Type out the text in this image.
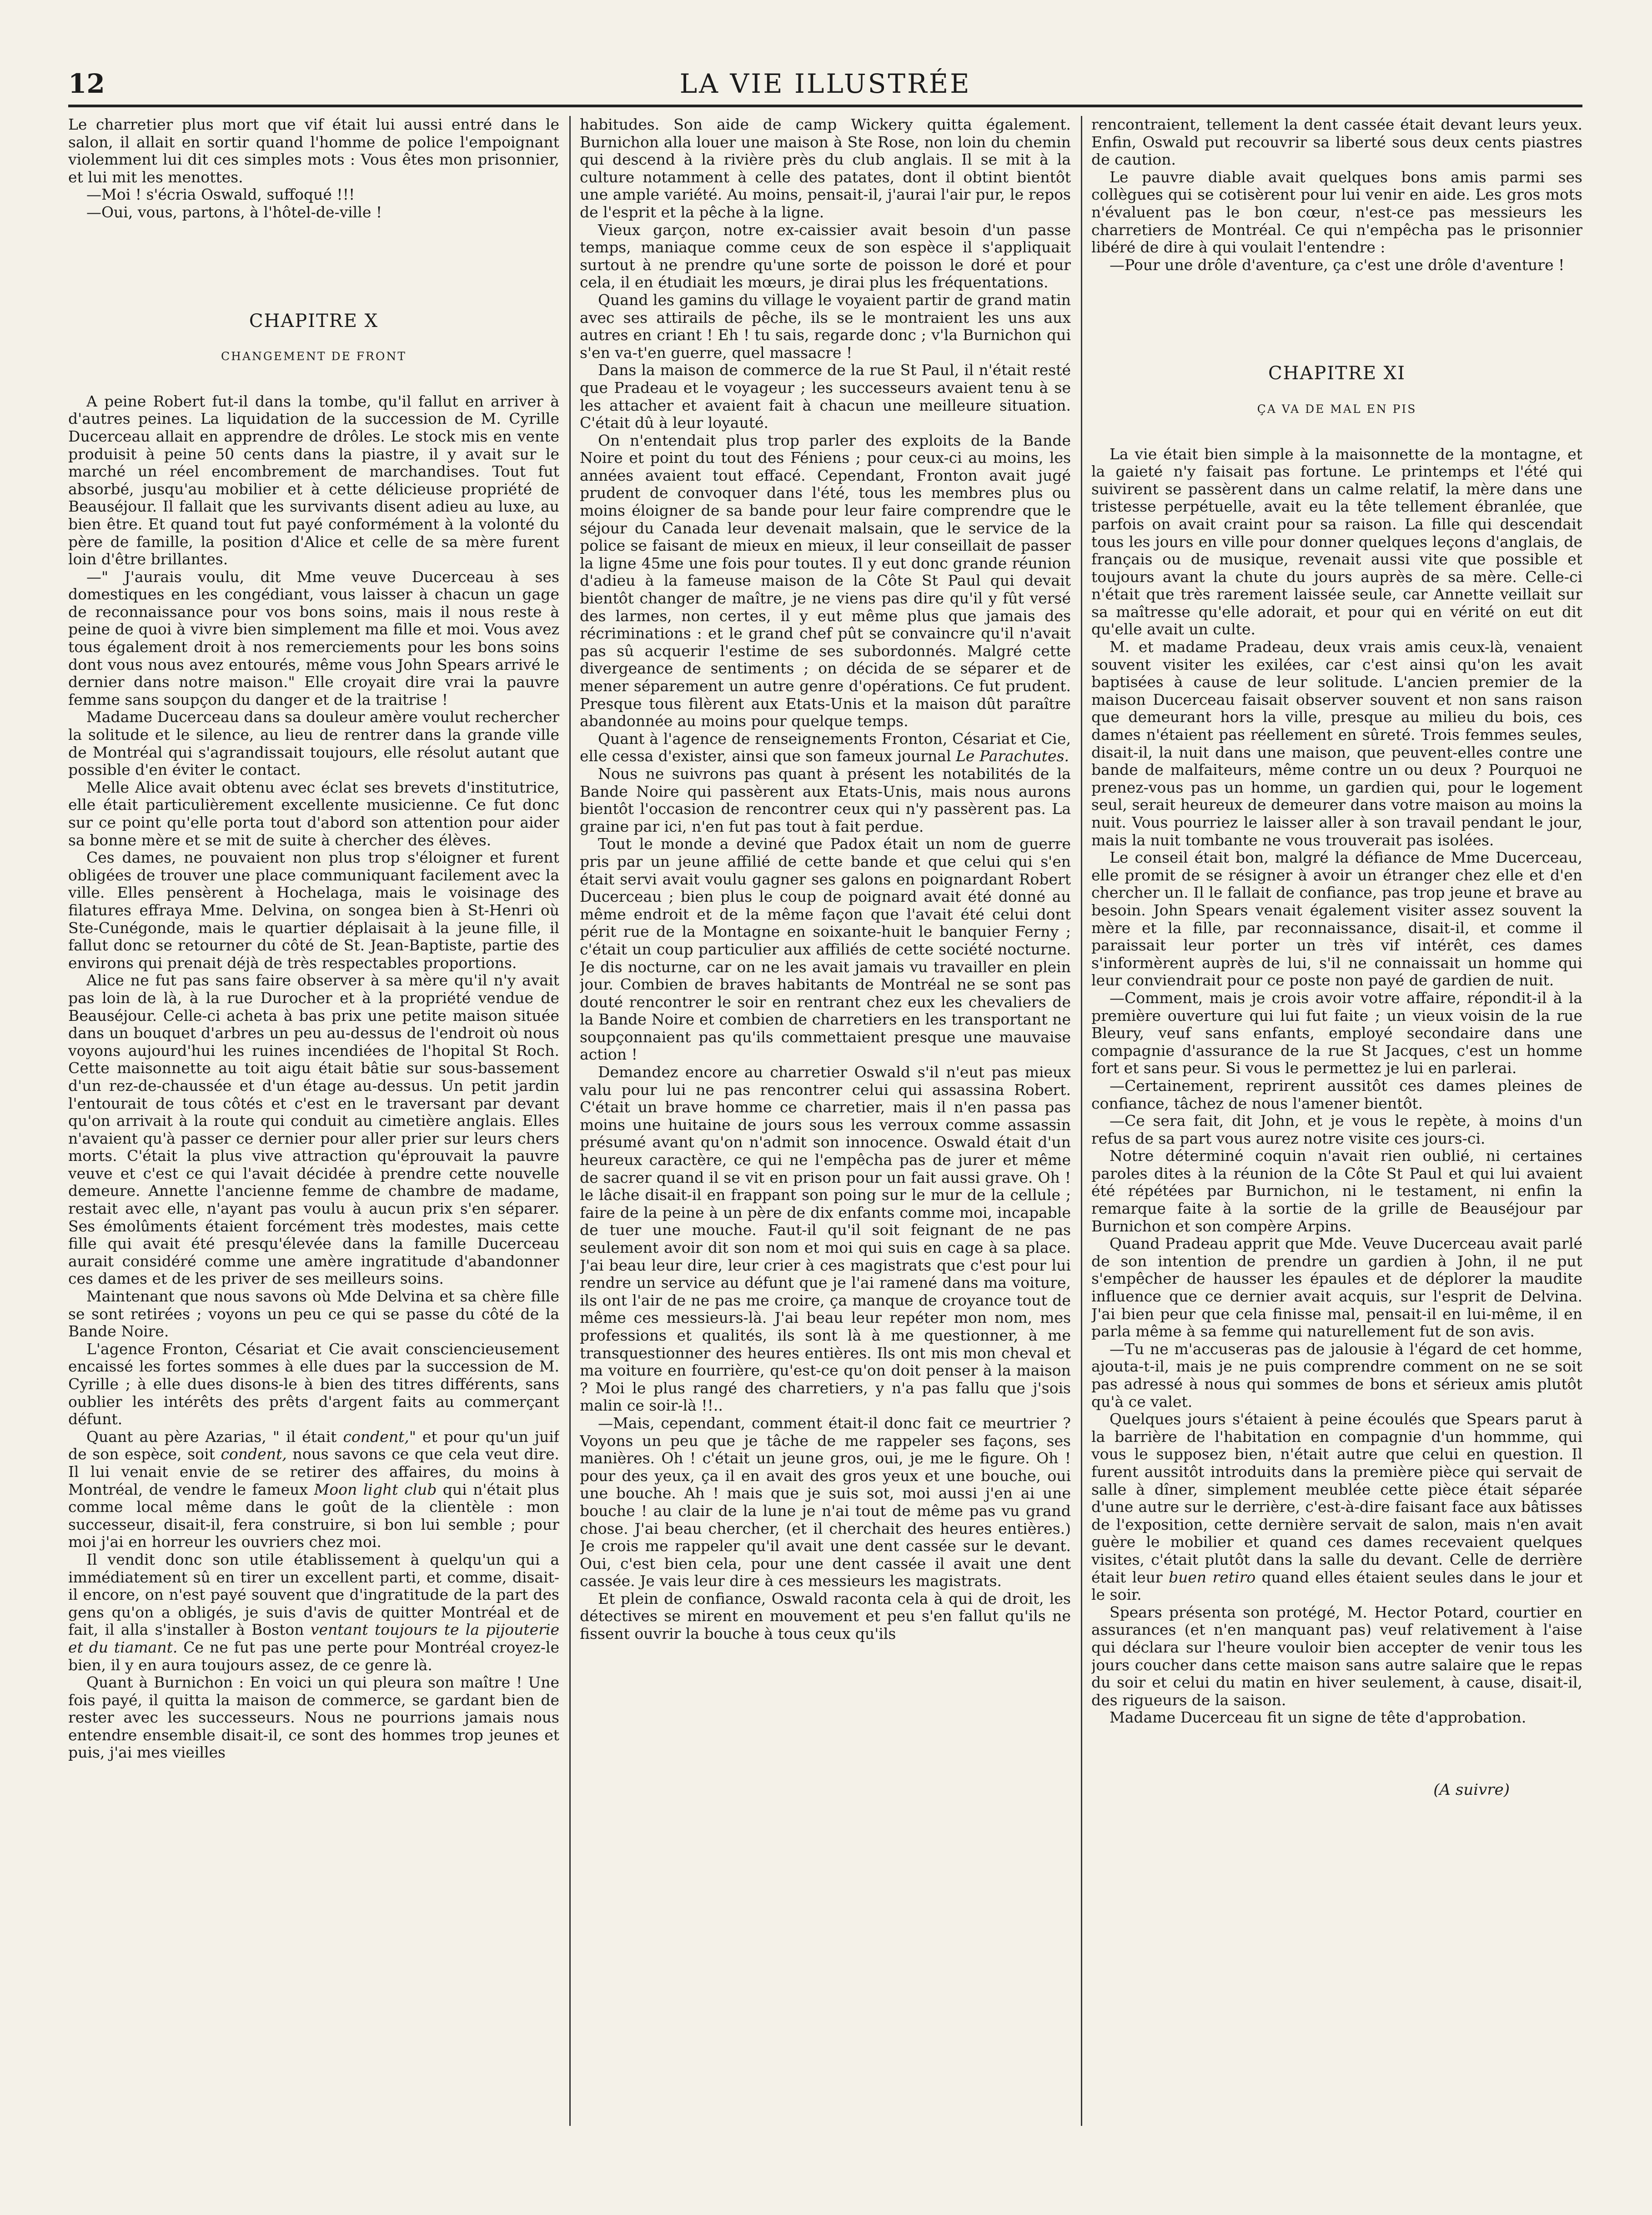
12	LA VIE ILLUSTRÉE

Le charretier plus mort que vif était lui aussi entré dans le salon, il allait en sortir quand l'homme de police l'empoignant violemment lui dit ces simples mots : Vous êtes mon prisonnier, et lui mit les menottes.

—Moi ! s'écria Oswald, suffoqué !!!

—Oui, vous, partons, à l'hôtel-de-ville !

CHAPITRE X
CHANGEMENT DE FRONT

A peine Robert fut-il dans la tombe, qu'il fallut en arriver à d'autres peines. La liquidation de la succession de M. Cyrille Ducerceau allait en apprendre de drôles. Le stock mis en vente produisit à peine 50 cents dans la piastre, il y avait sur le marché un réel encombrement de marchandises. Tout fut absorbé, jusqu'au mobilier et à cette délicieuse propriété de Beauséjour. Il fallait que les survivants disent adieu au luxe, au bien être. Et quand tout fut payé conformément à la volonté du père de famille, la position d'Alice et celle de sa mère furent loin d'être brillantes.

—" J'aurais voulu, dit Mme veuve Ducerceau à ses domestiques en les congédiant, vous laisser à chacun un gage de reconnaissance pour vos bons soins, mais il nous reste à peine de quoi à vivre bien simplement ma fille et moi. Vous avez tous également droit à nos remerciements pour les bons soins dont vous nous avez entourés, même vous John Spears arrivé le dernier dans notre maison." Elle croyait dire vrai la pauvre femme sans soupçon du danger et de la traitrise !

Madame Ducerceau dans sa douleur amère voulut rechercher la solitude et le silence, au lieu de rentrer dans la grande ville de Montréal qui s'agrandissait toujours, elle résolut autant que possible d'en éviter le contact.

Melle Alice avait obtenu avec éclat ses brevets d'institutrice, elle était particulièrement excellente musicienne. Ce fut donc sur ce point qu'elle porta tout d'abord son attention pour aider sa bonne mère et se mit de suite à chercher des élèves.

Ces dames, ne pouvaient non plus trop s'éloigner et furent obligées de trouver une place communiquant facilement avec la ville. Elles pensèrent à Hochelaga, mais le voisinage des filatures effraya Mme. Delvina, on songea bien à St-Henri où Ste-Cunégonde, mais le quartier déplaisait à la jeune fille, il fallut donc se retourner du côté de St. Jean-Baptiste, partie des environs qui prenait déjà de très respectables proportions.

Alice ne fut pas sans faire observer à sa mère qu'il n'y avait pas loin de là, à la rue Durocher et à la propriété vendue de Beauséjour. Celle-ci acheta à bas prix une petite maison située dans un bouquet d'arbres un peu au-dessus de l'endroit où nous voyons aujourd'hui les ruines incendiées de l'hopital St Roch. Cette maisonnette au toit aigu était bâtie sur sous-bassement d'un rez-de-chaussée et d'un étage au-dessus. Un petit jardin l'entourait de tous côtés et c'est en le traversant par devant qu'on arrivait à la route qui conduit au cimetière anglais. Elles n'avaient qu'à passer ce dernier pour aller prier sur leurs chers morts. C'était la plus vive attraction qu'éprouvait la pauvre veuve et c'est ce qui l'avait décidée à prendre cette nouvelle demeure. Annette l'ancienne femme de chambre de madame, restait avec elle, n'ayant pas voulu à aucun prix s'en séparer. Ses émolûments étaient forcément très modestes, mais cette fille qui avait été presqu'élevée dans la famille Ducerceau aurait considéré comme une amère ingratitude d'abandonner ces dames et de les priver de ses meilleurs soins.

Maintenant que nous savons où Mde Delvina et sa chère fille se sont retirées ; voyons un peu ce qui se passe du côté de la Bande Noire.

L'agence Fronton, Césariat et Cie avait consciencieusement encaissé les fortes sommes à elle dues par la succession de M. Cyrille ; à elle dues disons-le à bien des titres différents, sans oublier les intérêts des prêts d'argent faits au commerçant défunt.

Quant au père Azarias, " il était condent," et pour qu'un juif de son espèce, soit condent, nous savons ce que cela veut dire. Il lui venait envie de se retirer des affaires, du moins à Montréal, de vendre le fameux Moon light club qui n'était plus comme local même dans le goût de la clientèle : mon successeur, disait-il, fera construire, si bon lui semble ; pour moi j'ai en horreur les ouvriers chez moi.

Il vendit donc son utile établissement à quelqu'un qui a immédiatement sû en tirer un excellent parti, et comme, disait-il encore, on n'est payé souvent que d'ingratitude de la part des gens qu'on a obligés, je suis d'avis de quitter Montréal et de fait, il alla s'installer à Boston ventant toujours te la pijouterie et du tiamant. Ce ne fut pas une perte pour Montréal croyez-le bien, il y en aura toujours assez, de ce genre là.

Quant à Burnichon : En voici un qui pleura son maître ! Une fois payé, il quitta la maison de commerce, se gardant bien de rester avec les successeurs. Nous ne pourrions jamais nous entendre ensemble disait-il, ce sont des hommes trop jeunes et puis, j'ai mes vieilles

habitudes. Son aide de camp Wickery quitta également. Burnichon alla louer une maison à Ste Rose, non loin du chemin qui descend à la rivière près du club anglais. Il se mit à la culture notamment à celle des patates, dont il obtint bientôt une ample variété. Au moins, pensait-il, j'aurai l'air pur, le repos de l'esprit et la pêche à la ligne.

Vieux garçon, notre ex-caissier avait besoin d'un passe temps, maniaque comme ceux de son espèce il s'appliquait surtout à ne prendre qu'une sorte de poisson le doré et pour cela, il en étudiait les mœurs, je dirai plus les fréquentations.

Quand les gamins du village le voyaient partir de grand matin avec ses attirails de pêche, ils se le montraient les uns aux autres en criant ! Eh ! tu sais, regarde donc ; v'la Burnichon qui s'en va-t'en guerre, quel massacre !

Dans la maison de commerce de la rue St Paul, il n'était resté que Pradeau et le voyageur ; les successeurs avaient tenu à se les attacher et avaient fait à chacun une meilleure situation. C'était dû à leur loyauté.

On n'entendait plus trop parler des exploits de la Bande Noire et point du tout des Féniens ; pour ceux-ci au moins, les années avaient tout effacé. Cependant, Fronton avait jugé prudent de convoquer dans l'été, tous les membres plus ou moins éloigner de sa bande pour leur faire comprendre que le séjour du Canada leur devenait malsain, que le service de la police se faisant de mieux en mieux, il leur conseillait de passer la ligne 45me une fois pour toutes. Il y eut donc grande réunion d'adieu à la fameuse maison de la Côte St Paul qui devait bientôt changer de maître, je ne viens pas dire qu'il y fût versé des larmes, non certes, il y eut même plus que jamais des récriminations : et le grand chef pût se convaincre qu'il n'avait pas sû acquerir l'estime de ses subordonnés. Malgré cette divergeance de sentiments ; on décida de se séparer et de mener séparement un autre genre d'opérations. Ce fut prudent. Presque tous filèrent aux Etats-Unis et la maison dût paraître abandonnée au moins pour quelque temps.

Quant à l'agence de renseignements Fronton, Césariat et Cie, elle cessa d'exister, ainsi que son fameux journal Le Parachutes.

Nous ne suivrons pas quant à présent les notabilités de la Bande Noire qui passèrent aux Etats-Unis, mais nous aurons bientôt l'occasion de rencontrer ceux qui n'y passèrent pas. La graine par ici, n'en fut pas tout à fait perdue.

Tout le monde a deviné que Padox était un nom de guerre pris par un jeune affilié de cette bande et que celui qui s'en était servi avait voulu gagner ses galons en poignardant Robert Ducerceau ; bien plus le coup de poignard avait été donné au même endroit et de la même façon que l'avait été celui dont périt rue de la Montagne en soixante-huit le banquier Ferny ; c'était un coup particulier aux affiliés de cette société nocturne. Je dis nocturne, car on ne les avait jamais vu travailler en plein jour. Combien de braves habitants de Montréal ne se sont pas douté rencontrer le soir en rentrant chez eux les chevaliers de la Bande Noire et combien de charretiers en les transportant ne soupçonnaient pas qu'ils commettaient presque une mauvaise action !

Demandez encore au charretier Oswald s'il n'eut pas mieux valu pour lui ne pas rencontrer celui qui assassina Robert. C'était un brave homme ce charretier, mais il n'en passa pas moins une huitaine de jours sous les verroux comme assassin présumé avant qu'on n'admit son innocence. Oswald était d'un heureux caractère, ce qui ne l'empêcha pas de jurer et même de sacrer quand il se vit en prison pour un fait aussi grave. Oh ! le lâche disait-il en frappant son poing sur le mur de la cellule ; faire de la peine à un père de dix enfants comme moi, incapable de tuer une mouche. Faut-il qu'il soit feignant de ne pas seulement avoir dit son nom et moi qui suis en cage à sa place. J'ai beau leur dire, leur crier à ces magistrats que c'est pour lui rendre un service au défunt que je l'ai ramené dans ma voiture, ils ont l'air de ne pas me croire, ça manque de croyance tout de même ces messieurs-là. J'ai beau leur repéter mon nom, mes professions et qualités, ils sont là à me questionner, à me transquestionner des heures entières. Ils ont mis mon cheval et ma voiture en fourrière, qu'est-ce qu'on doit penser à la maison ? Moi le plus rangé des charretiers, y n'a pas fallu que j'sois malin ce soir-là !!..

—Mais, cependant, comment était-il donc fait ce meurtrier ? Voyons un peu que je tâche de me rappeler ses façons, ses manières. Oh ! c'était un jeune gros, oui, je me le figure. Oh ! pour des yeux, ça il en avait des gros yeux et une bouche, oui une bouche. Ah ! mais que je suis sot, moi aussi j'en ai une bouche ! au clair de la lune je n'ai tout de même pas vu grand chose. J'ai beau chercher, (et il cherchait des heures entières.) Je crois me rappeler qu'il avait une dent cassée sur le devant. Oui, c'est bien cela, pour une dent cassée il avait une dent cassée. Je vais leur dire à ces messieurs les magistrats.

Et plein de confiance, Oswald raconta cela à qui de droit, les détectives se mirent en mouvement et peu s'en fallut qu'ils ne fissent ouvrir la bouche à tous ceux qu'ils

rencontraient, tellement la dent cassée était devant leurs yeux. Enfin, Oswald put recouvrir sa liberté sous deux cents piastres de caution.

Le pauvre diable avait quelques bons amis parmi ses collègues qui se cotisèrent pour lui venir en aide. Les gros mots n'évaluent pas le bon cœur, n'est-ce pas messieurs les charretiers de Montréal. Ce qui n'empêcha pas le prisonnier libéré de dire à qui voulait l'entendre :

—Pour une drôle d'aventure, ça c'est une drôle d'aventure !

CHAPITRE XI
ÇA VA DE MAL EN PIS

La vie était bien simple à la maisonnette de la montagne, et la gaieté n'y faisait pas fortune. Le printemps et l'été qui suivirent se passèrent dans un calme relatif, la mère dans une tristesse perpétuelle, avait eu la tête tellement ébranlée, que parfois on avait craint pour sa raison. La fille qui descendait tous les jours en ville pour donner quelques leçons d'anglais, de français ou de musique, revenait aussi vite que possible et toujours avant la chute du jours auprès de sa mère. Celle-ci n'était que très rarement laissée seule, car Annette veillait sur sa maîtresse qu'elle adorait, et pour qui en vérité on eut dit qu'elle avait un culte.

M. et madame Pradeau, deux vrais amis ceux-là, venaient souvent visiter les exilées, car c'est ainsi qu'on les avait baptisées à cause de leur solitude. L'ancien premier de la maison Ducerceau faisait observer souvent et non sans raison que demeurant hors la ville, presque au milieu du bois, ces dames n'étaient pas réellement en sûreté. Trois femmes seules, disait-il, la nuit dans une maison, que peuvent-elles contre une bande de malfaiteurs, même contre un ou deux ? Pourquoi ne prenez-vous pas un homme, un gardien qui, pour le logement seul, serait heureux de demeurer dans votre maison au moins la nuit. Vous pourriez le laisser aller à son travail pendant le jour, mais la nuit tombante ne vous trouverait pas isolées.

Le conseil était bon, malgré la défiance de Mme Ducerceau, elle promit de se résigner à avoir un étranger chez elle et d'en chercher un. Il le fallait de confiance, pas trop jeune et brave au besoin. John Spears venait également visiter assez souvent la mère et la fille, par reconnaissance, disait-il, et comme il paraissait leur porter un très vif intérêt, ces dames s'informèrent auprès de lui, s'il ne connaissait un homme qui leur conviendrait pour ce poste non payé de gardien de nuit.

—Comment, mais je crois avoir votre affaire, répondit-il à la première ouverture qui lui fut faite ; un vieux voisin de la rue Bleury, veuf sans enfants, employé secondaire dans une compagnie d'assurance de la rue St Jacques, c'est un homme fort et sans peur. Si vous le permettez je lui en parlerai.

—Certainement, reprirent aussitôt ces dames pleines de confiance, tâchez de nous l'amener bientôt.

—Ce sera fait, dit John, et je vous le repète, à moins d'un refus de sa part vous aurez notre visite ces jours-ci.

Notre déterminé coquin n'avait rien oublié, ni certaines paroles dites à la réunion de la Côte St Paul et qui lui avaient été répétées par Burnichon, ni le testament, ni enfin la remarque faite à la sortie de la grille de Beauséjour par Burnichon et son compère Arpins.

Quand Pradeau apprit que Mde. Veuve Ducerceau avait parlé de son intention de prendre un gardien à John, il ne put s'empêcher de hausser les épaules et de déplorer la maudite influence que ce dernier avait acquis, sur l'esprit de Delvina. J'ai bien peur que cela finisse mal, pensait-il en lui-même, il en parla même à sa femme qui naturellement fut de son avis.

—Tu ne m'accuseras pas de jalousie à l'égard de cet homme, ajouta-t-il, mais je ne puis comprendre comment on ne se soit pas adressé à nous qui sommes de bons et sérieux amis plutôt qu'à ce valet.

Quelques jours s'étaient à peine écoulés que Spears parut à la barrière de l'habitation en compagnie d'un hommme, qui vous le supposez bien, n'était autre que celui en question. Il furent aussitôt introduits dans la première pièce qui servait de salle à dîner, simplement meublée cette pièce était séparée d'une autre sur le derrière, c'est-à-dire faisant face aux bâtisses de l'exposition, cette dernière servait de salon, mais n'en avait guère le mobilier et quand ces dames recevaient quelques visites, c'était plutôt dans la salle du devant. Celle de derrière était leur buen retiro quand elles étaient seules dans le jour et le soir.

Spears présenta son protégé, M. Hector Potard, courtier en assurances (et n'en manquant pas) veuf relativement à l'aise qui déclara sur l'heure vouloir bien accepter de venir tous les jours coucher dans cette maison sans autre salaire que le repas du soir et celui du matin en hiver seulement, à cause, disait-il, des rigueurs de la saison.

Madame Ducerceau fit un signe de tête d'approbation.

(A suivre)
